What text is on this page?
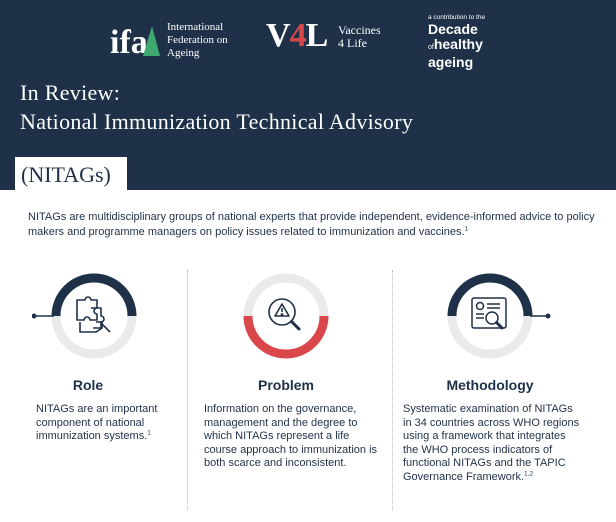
ifa International
Federation on
Ageing	V4L Vaccines
4 Life
a contribution to the
Decade
ofhealthy
ageing
In Review:
National Immunization Technical Advisory
(NITAGs)

NITAGs are multidisciplinary groups of national experts that provide independent, evidence-informed advice to policy makers and programme managers on policy issues related to immunization and vaccines.$^1$

Role

NITAGs are an important component of national immunization systems.$^1$

Problem

Information on the governance, management and the degree to which NITAGs represent a life course approach to immunization is both scarce and inconsistent.

Methodology

Systematic examination of NITAGs in 34 countries across WHO regions using a framework that integrates the WHO process indicators of functional NITAGs and the TAPIC Governance Framework.$^{1,2}$
